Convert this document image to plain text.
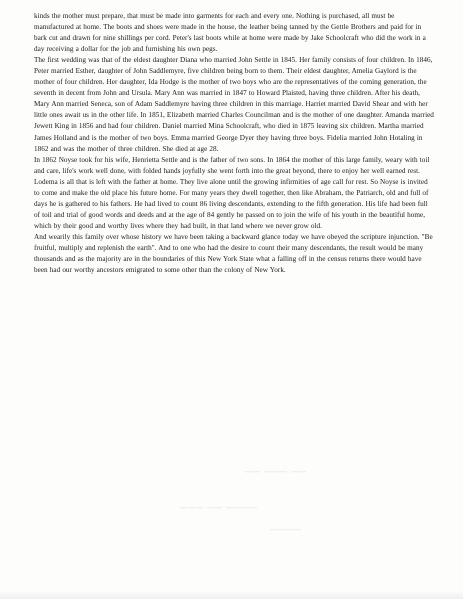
kinds the mother must prepare, that must be made into garments for each and every one. Nothing is purchased, all must be manufactured at home. The boots and shoes were made in the house, the leather being tanned by the Gettle Brothers and paid for in bark cut and drawn for nine shillings per cord. Peter's last boots while at home were made by Jake Schoolcraft who did the work in a day receiving a dollar for the job and furnishing his own pegs.

The first wedding was that of the eldest daughter Diana who married John Settle in 1845. Her family consists of four children. In 1846, Peter married Esther, daughter of John Saddlemyre, five children being born to them. Their eldest daughter, Amelia Gaylord is the mother of four children. Her daughter, Ida Hodge is the mother of two boys who are the representatives of the coming generation, the seventh in decent from John and Ursula. Mary Ann was married in 1847 to Howard Plaisted, having three children. After his death, Mary Ann married Seneca, son of Adam Saddlemyre having three children in this marriage. Harriet married David Shear and with her little ones await us in the other life. In 1851, Elizabeth married Charles Councilman and is the mother of one daughter. Amanda married Jewett King in 1856 and had four children. Daniel married Mina Schoolcraft, who died in 1875 leaving six children. Martha married James Holland and is the mother of two boys. Emma married George Dyer they having three boys. Fidelia married John Hotaling in 1862 and was the mother of three children. She died at age 28.

In 1862 Noyse took for his wife, Henrietta Settle and is the father of two sons. In 1864 the mother of this large family, weary with toil and care, life's work well done, with folded hands joyfully she went forth into the great beyond, there to enjoy her well earned rest. Lodema is all that is left with the father at home. They live alone until the growing infirmities of age call for rest. So Noyse is invited to come and make the old place his future home. For many years they dwell together, then like Abraham, the Patriarch, old and full of days he is gathered to his fathers. He had lived to count 86 living descendants, extending to the fifth generation. His life had been full of toil and trial of good words and deeds and at the age of 84 gently he passed on to join the wife of his youth in the beautiful home, which by their good and worthy lives where they had built, in that land where we never grow old.

And wearily this family over whose history we have been taking a backward glance today we have obeyed the scripture injunction. "Be fruitful, multiply and replenish the earth". And to one who had the desire to count their many descendants, the result would be many thousands and as the majority are in the boundaries of this New York State what a falling off in the census returns there would have been had our worthy ancestors emigrated to some other than the colony of New York.

▁▁ ▁▁▁ ▁▁
▁▁▁ ▁▁ ▁▁▁▁
▁▁▁▁
